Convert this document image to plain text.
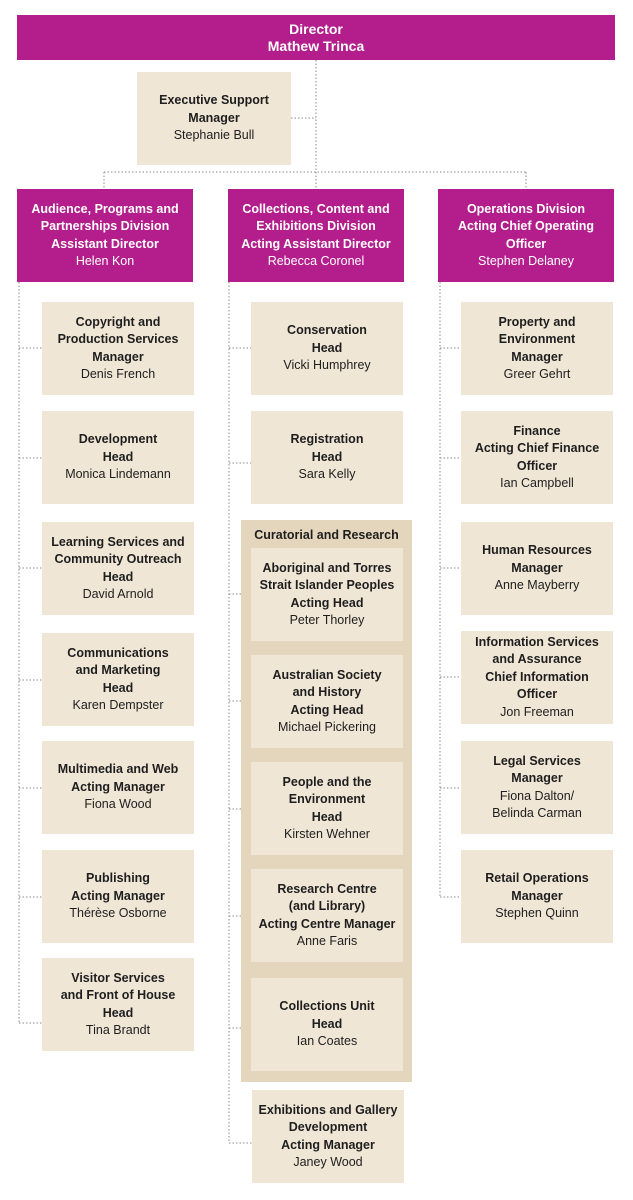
Director
Mathew Trinca
Executive Support
Manager
Stephanie Bull
Audience, Programs and
Partnerships Division
Assistant Director
Helen Kon
Collections, Content and
Exhibitions Division
Acting Assistant Director
Rebecca Coronel
Operations Division
Acting Chief Operating
Officer
Stephen Delaney
Copyright and
Production Services
Manager
Denis French
Development
Head
Monica Lindemann
Learning Services and
Community Outreach
Head
David Arnold
Communications
and Marketing
Head
Karen Dempster
Multimedia and Web
Acting Manager
Fiona Wood
Publishing
Acting Manager
Thérèse Osborne
Visitor Services
and Front of House
Head
Tina Brandt
Conservation
Head
Vicki Humphrey
Registration
Head
Sara Kelly
Curatorial and Research
Aboriginal and Torres
Strait Islander Peoples
Acting Head
Peter Thorley
Australian Society
and History
Acting Head
Michael Pickering
People and the
Environment
Head
Kirsten Wehner
Research Centre
(and Library)
Acting Centre Manager
Anne Faris
Collections Unit
Head
Ian Coates
Exhibitions and Gallery
Development
Acting Manager
Janey Wood
Property and
Environment
Manager
Greer Gehrt
Finance
Acting Chief Finance
Officer
Ian Campbell
Human Resources
Manager
Anne Mayberry
Information Services
and Assurance
Chief Information
Officer
Jon Freeman
Legal Services
Manager
Fiona Dalton/ Belinda Carman
Retail Operations
Manager
Stephen Quinn
